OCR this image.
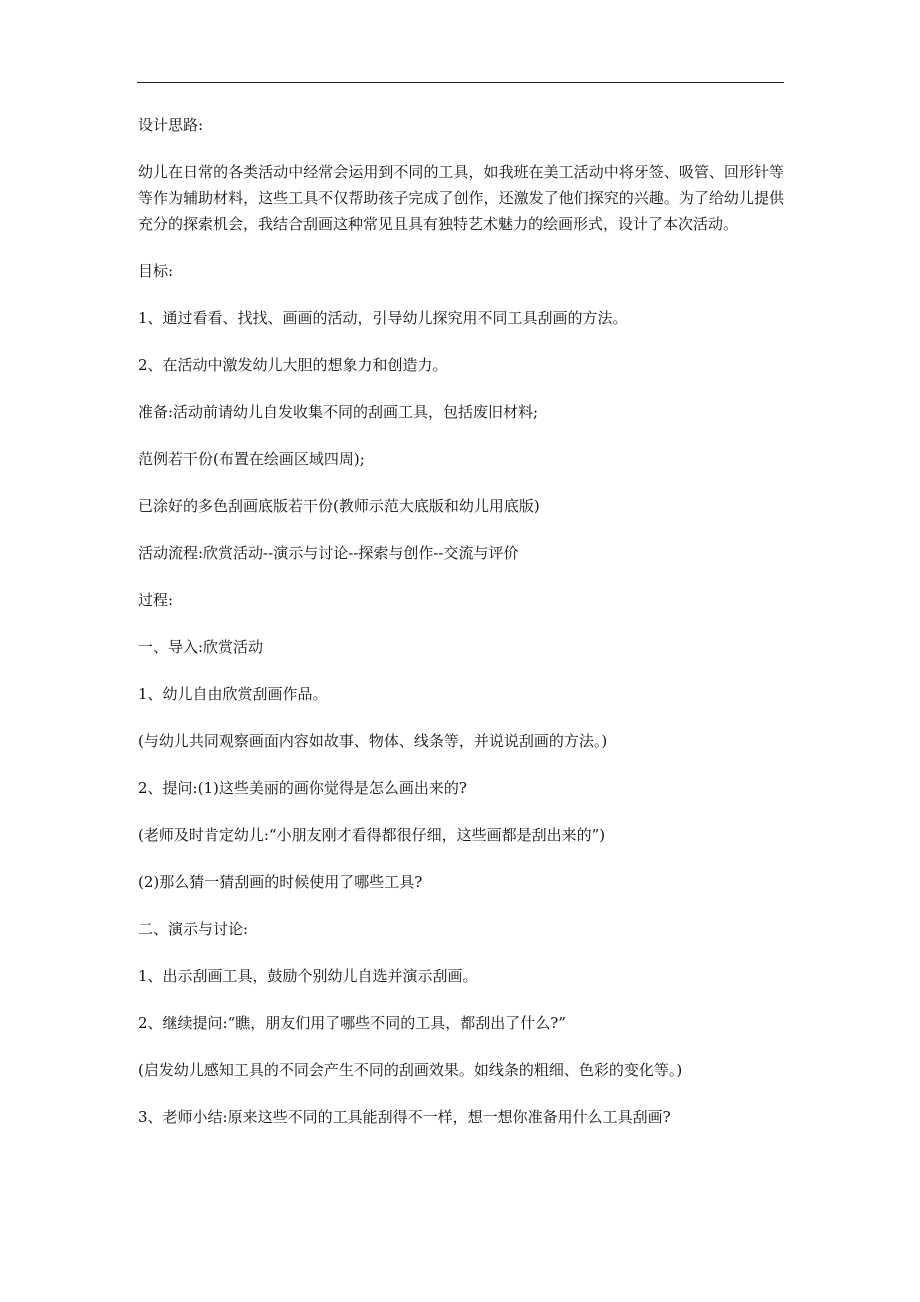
设计思路:

幼儿在日常的各类活动中经常会运用到不同的工具，如我班在美工活动中将牙签、吸管、回形针等等作为辅助材料，这些工具不仅帮助孩子完成了创作，还激发了他们探究的兴趣。为了给幼儿提供充分的探索机会，我结合刮画这种常见且具有独特艺术魅力的绘画形式，设计了本次活动。

目标:

1、通过看看、找找、画画的活动，引导幼儿探究用不同工具刮画的方法。

2、在活动中激发幼儿大胆的想象力和创造力。

准备:活动前请幼儿自发收集不同的刮画工具，包括废旧材料;

范例若干份(布置在绘画区域四周);

已涂好的多色刮画底版若干份(教师示范大底版和幼儿用底版)

活动流程:欣赏活动--演示与讨论--探索与创作--交流与评价

过程:

一、导入:欣赏活动

1、幼儿自由欣赏刮画作品。

(与幼儿共同观察画面内容如故事、物体、线条等，并说说刮画的方法。)

2、提问:(1)这些美丽的画你觉得是怎么画出来的?

(老师及时肯定幼儿:“小朋友刚才看得都很仔细，这些画都是刮出来的”)

(2)那么猜一猜刮画的时候使用了哪些工具?

二、演示与讨论:

1、出示刮画工具，鼓励个别幼儿自选并演示刮画。

2、继续提问:“瞧，朋友们用了哪些不同的工具，都刮出了什么?”

(启发幼儿感知工具的不同会产生不同的刮画效果。如线条的粗细、色彩的变化等。)

3、老师小结:原来这些不同的工具能刮得不一样，想一想你准备用什么工具刮画?
